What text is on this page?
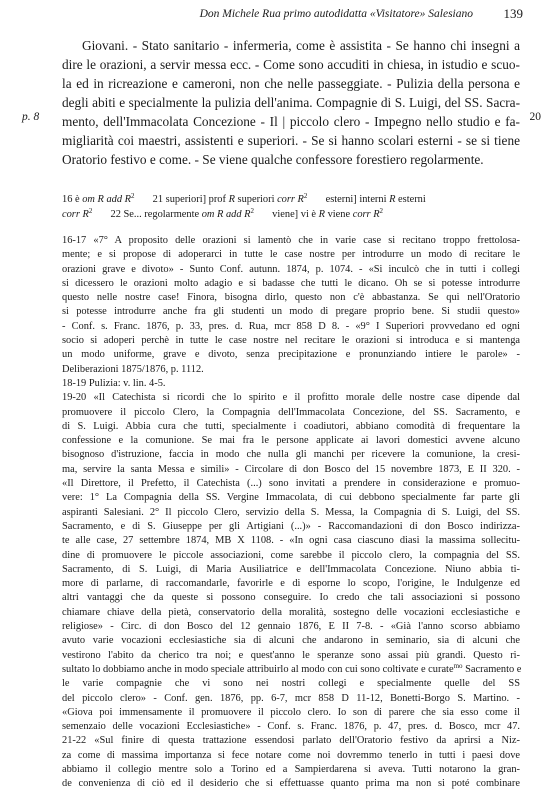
Don Michele Rua primo autodidatta «Visitatore» Salesiano 139
p. 8	20
Giovani. - Stato sanitario - infermeria, come è assistita - Se hanno chi insegni a
dire le orazioni, a servir messa ecc. - Come sono accuditi in chiesa, in istudio e scuo-
la ed in ricreazione e cameroni, non che nelle passeggiate. - Pulizia della persona e
degli abiti e specialmente la pulizia dell'anima. Compagnie di S. Luigi, del SS. Sacra-
mento, dell'Immacolata Concezione - Il | piccolo clero - Impegno nello studio e fa-
migliarità coi maestri, assistenti e superiori. - Se si hanno scolari esterni - se si tiene
Oratorio festivo e come. - Se viene qualche confessore forestiero regolarmente.
16 è om R add $R^2$       21 superiori] prof R superiori corr $R^2$       esterni] interni R esterni
corr $R^2$       22 Se... regolarmente om R add $R^2$       viene] vi è R viene corr $R^2$
16-17 «7° A proposito delle orazioni si lamentò che in varie case si recitano troppo frettolosa-
mente; e si propose di adoperarci in tutte le case nostre per introdurre un modo di recitare le
orazioni grave e divoto» - Sunto Conf. autunn. 1874, p. 1074. - «Si inculcò che in tutti i collegi
si dicessero le orazioni molto adagio e si badasse che tutti le dicano. Oh se si potesse introdurre
questo nelle nostre case! Finora, bisogna dirlo, questo non c'è abbastanza. Se qui nell'Oratorio
si potesse introdurre anche fra gli studenti un modo di pregare proprio bene. Si studii questo»
- Conf. s. Franc. 1876, p. 33, pres. d. Rua, mcr 858 D 8. - «9° I Superiori provvedano ed ogni
socio si adoperi perchè in tutte le case nostre nel recitare le orazioni si introduca e si mantenga
un modo uniforme, grave e divoto, senza precipitazione e pronunziando intiere le parole» -
Deliberazioni 1875/1876, p. 1112.
18-19 Pulizia: v. lin. 4-5.
19-20 «Il Catechista si ricordi che lo spirito e il profitto morale delle nostre case dipende dal
promuovere il piccolo Clero, la Compagnia dell'Immacolata Concezione, del SS. Sacramento, e
di S. Luigi. Abbia cura che tutti, specialmente i coadiutori, abbiano comodità di frequentare la
confessione e la comunione. Se mai fra le persone applicate ai lavori domestici avvene alcuno
bisognoso d'istruzione, faccia in modo che nulla gli manchi per ricevere la comunione, la cresi-
ma, servire la santa Messa e simili» - Circolare di don Bosco del 15 novembre 1873, E II 320. -
«Il Direttore, il Prefetto, il Catechista (...) sono invitati a prendere in considerazione e promuo-
vere: 1° La Compagnia della SS. Vergine Immacolata, di cui debbono specialmente far parte gli
aspiranti Salesiani. 2° Il piccolo Clero, servizio della S. Messa, la Compagnia di S. Luigi, del SS.
Sacramento, e di S. Giuseppe per gli Artigiani (...)» - Raccomandazioni di don Bosco indirizza-
te alle case, 27 settembre 1874, MB X 1108. - «In ogni casa ciascuno diasi la massima sollecitu-
dine di promuovere le piccole associazioni, come sarebbe il piccolo clero, la compagnia del SS.
Sacramento, di S. Luigi, di Maria Ausiliatrice e dell'Immacolata Concezione. Niuno abbia ti-
more di parlarne, di raccomandarle, favorirle e di esporne lo scopo, l'origine, le Indulgenze ed
altri vantaggi che da queste si possono conseguire. Io credo che tali associazioni si possono
chiamare chiave della pietà, conservatorio della moralità, sostegno delle vocazioni ecclesiastiche e
religiose» - Circ. di don Bosco del 12 gennaio 1876, E II 7-8. - «Già l'anno scorso abbiamo
avuto varie vocazioni ecclesiastiche sia di alcuni che andarono in seminario, sia di alcuni che
vestirono l'abito da cherico tra noi; e quest'anno le speranze sono assai più grandi. Questo ri-
sultato lo dobbiamo anche in modo speciale attribuirlo al modo con cui sono coltivate e curate$^{mo}$ Sacramento e
le varie compagnie che vi sono nei nostri collegi e specialmente quelle del SS
del piccolo clero» - Conf. gen. 1876, pp. 6-7, mcr 858 D 11-12, Bonetti-Borgo S. Martino. -
«Giova poi immensamente il promuovere il piccolo clero. Io son di parere che sia esso come il
semenzaio delle vocazioni Ecclesiastiche» - Conf. s. Franc. 1876, p. 47, pres. d. Bosco, mcr 47.
21-22 «Sul finire di questa trattazione essendosi parlato dell'Oratorio festivo da aprirsi a Niz-
za come di massima importanza si fece notare come noi dovremmo tenerlo in tutti i paesi dove
abbiamo il collegio mentre solo a Torino ed a Sampierdarena si aveva. Tutti notarono la gran-
de convenienza di ciò ed il desiderio che si effettuasse quanto prima ma non si poté combinare
